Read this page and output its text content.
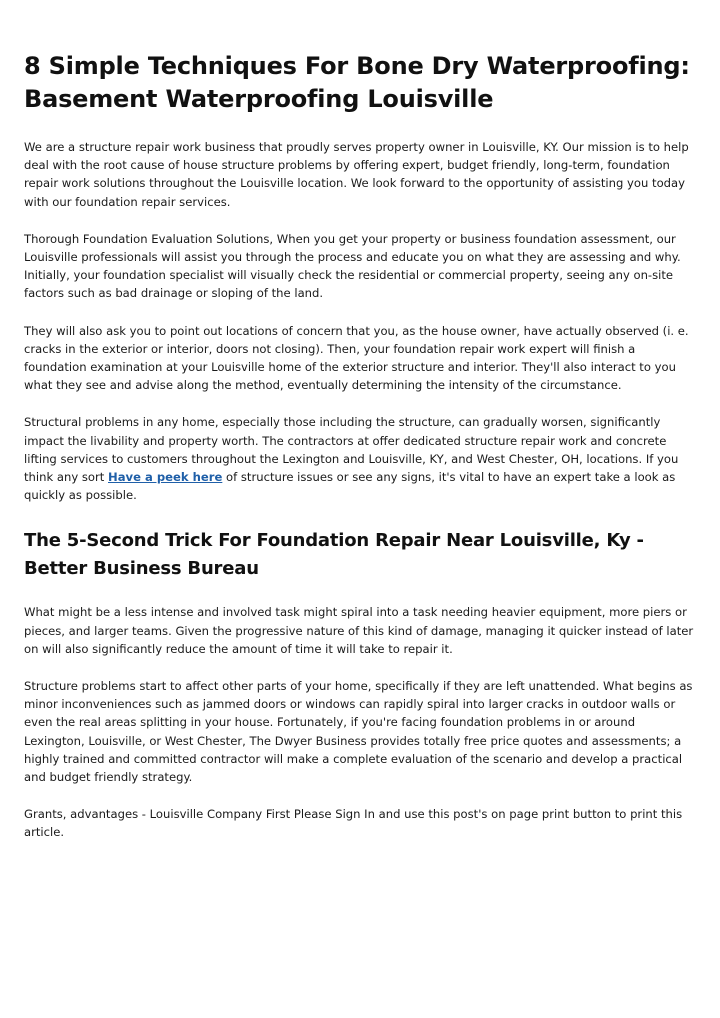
8 Simple Techniques For Bone Dry Waterproofing: Basement Waterproofing Louisville

We are a structure repair work business that proudly serves property owner in Louisville, KY. Our mission is to help deal with the root cause of house structure problems by offering expert, budget friendly, long-term, foundation repair work solutions throughout the Louisville location. We look forward to the opportunity of assisting you today with our foundation repair services.

Thorough Foundation Evaluation Solutions, When you get your property or business foundation assessment, our Louisville professionals will assist you through the process and educate you on what they are assessing and why. Initially, your foundation specialist will visually check the residential or commercial property, seeing any on-site factors such as bad drainage or sloping of the land.

They will also ask you to point out locations of concern that you, as the house owner, have actually observed (i. e. cracks in the exterior or interior, doors not closing). Then, your foundation repair work expert will finish a foundation examination at your Louisville home of the exterior structure and interior. They'll also interact to you what they see and advise along the method, eventually determining the intensity of the circumstance.

Structural problems in any home, especially those including the structure, can gradually worsen, significantly impact the livability and property worth. The contractors at offer dedicated structure repair work and concrete lifting services to customers throughout the Lexington and Louisville, KY, and West Chester, OH, locations. If you think any sort Have a peek here of structure issues or see any signs, it's vital to have an expert take a look as quickly as possible.

The 5-Second Trick For Foundation Repair Near Louisville, Ky - Better Business Bureau

What might be a less intense and involved task might spiral into a task needing heavier equipment, more piers or pieces, and larger teams. Given the progressive nature of this kind of damage, managing it quicker instead of later on will also significantly reduce the amount of time it will take to repair it.

Structure problems start to affect other parts of your home, specifically if they are left unattended. What begins as minor inconveniences such as jammed doors or windows can rapidly spiral into larger cracks in outdoor walls or even the real areas splitting in your house. Fortunately, if you're facing foundation problems in or around Lexington, Louisville, or West Chester, The Dwyer Business provides totally free price quotes and assessments; a highly trained and committed contractor will make a complete evaluation of the scenario and develop a practical and budget friendly strategy.

Grants, advantages - Louisville Company First Please Sign In and use this post's on page print button to print this article.
